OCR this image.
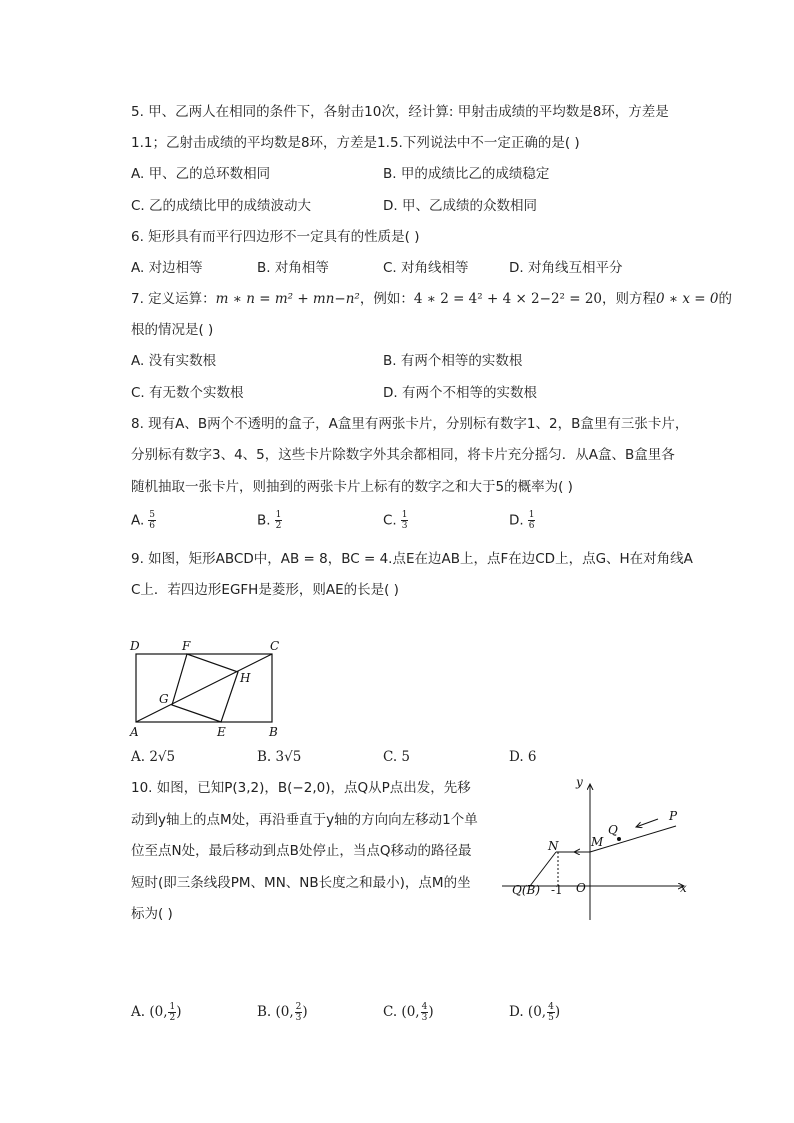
5. 甲、乙两人在相同的条件下，各射击10次，经计算: 甲射击成绩的平均数是8环，方差是
1.1；乙射击成绩的平均数是8环，方差是1.5.下列说法中不一定正确的是( )
A. 甲、乙的总环数相同	B. 甲的成绩比乙的成绩稳定
C. 乙的成绩比甲的成绩波动大	D. 甲、乙成绩的众数相同
6. 矩形具有而平行四边形不一定具有的性质是( )
A. 对边相等	B. 对角相等	C. 对角线相等	D. 对角线互相平分
7. 定义运算：m ∗ n = m² + mn−n²，例如：4 ∗ 2 = 4² + 4 × 2−2² = 20，则方程0 ∗ x = 0的
根的情况是( )
A. 没有实数根	B. 有两个相等的实数根
C. 有无数个实数根	D. 有两个不相等的实数根
8. 现有A、B两个不透明的盒子，A盒里有两张卡片，分别标有数字1、2，B盒里有三张卡片，
分别标有数字3、4、5，这些卡片除数字外其余都相同，将卡片充分摇匀．从A盒、B盒里各
随机抽取一张卡片，则抽到的两张卡片上标有的数字之和大于5的概率为( )
A. $\frac{5}{6}$	B. $\frac{1}{2}$	C. $\frac{1}{3}$	D. $\frac{1}{6}$
9. 如图，矩形ABCD中，AB = 8，BC = 4.点E在边AB上，点F在边CD上，点G、H在对角线A
C上．若四边形EGFH是菱形，则AE的长是( )
D	F	C
G
H
A	E	B
A. 2√5	B. 3√5	C. 5	D. 6
10. 如图，已知P(3,2)，B(−2,0)，点Q从P点出发，先移
动到y轴上的点M处，再沿垂直于y轴的方向向左移动1个单
位至点N处，最后移动到点B处停止，当点Q移动的路径最
短时(即三条线段PM、MN、NB长度之和最小)，点M的坐
标为( )
y
x
P
Q
M
N
O
Q(B) -1
A. (0, $\frac{1}{2}$ )	B. (0, $\frac{2}{3}$ )	C. (0, $\frac{4}{3}$ )	D. (0, $\frac{4}{5}$ )
